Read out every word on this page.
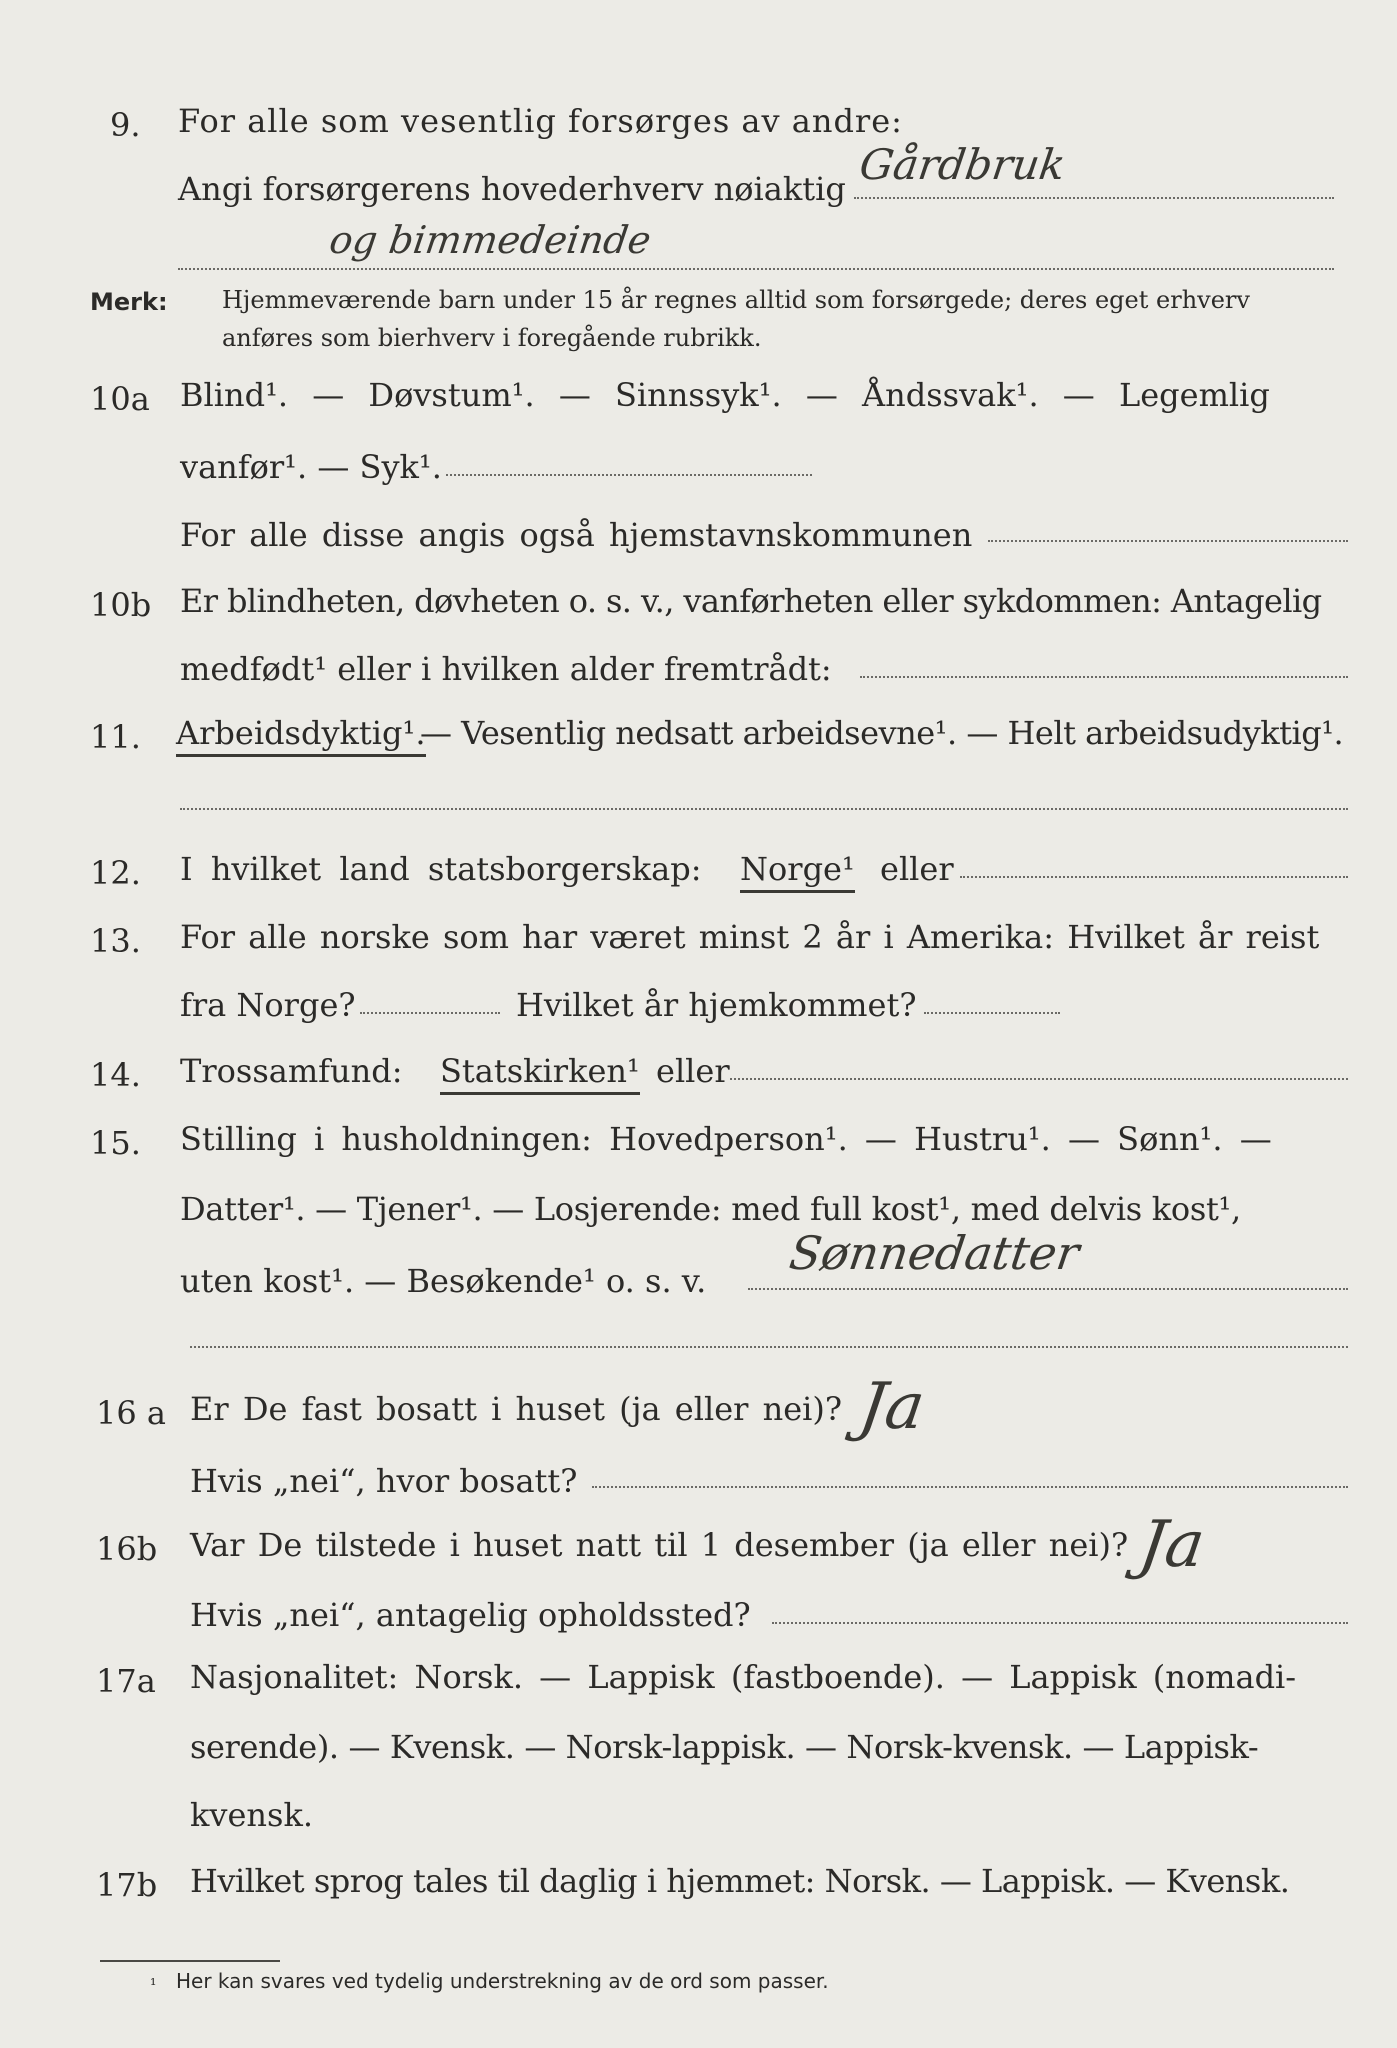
9. For alle som vesentlig forsørges av andre:
Gårdbruk
Angi forsørgerens hovederhverv nøiaktig
og bimmedeinde
Merk: Hjemmeværende barn under 15 år regnes alltid som forsørgede; deres eget erhverv
anføres som bierhverv i foregående rubrikk.
10a Blind¹. — Døvstum¹. — Sinnssyk¹. — Åndssvak¹. — Legemlig
vanfør¹. — Syk¹.
For alle disse angis også hjemstavnskommunen
10b Er blindheten, døvheten o. s. v., vanførheten eller sykdommen: Antagelig
medfødt¹ eller i hvilken alder fremtrådt:
11. Arbeidsdyktig¹.
— Vesentlig nedsatt arbeidsevne¹. — Helt arbeidsudyktig¹.
12. I hvilket land statsborgerskap: Norge¹ eller
13. For alle norske som har været minst 2 år i Amerika: Hvilket år reist
fra Norge?	Hvilket år hjemkommet?
14. Trossamfund: Statskirken¹ eller
15. Stilling i husholdningen: Hovedperson¹. — Hustru¹. — Sønn¹. —
Datter¹. — Tjener¹. — Losjerende: med full kost¹, med delvis kost¹,
uten kost¹. — Besøkende¹ o. s. v.
Sønnedatter
16 a Er De fast bosatt i huset (ja eller nei)? Ja
Hvis „nei“, hvor bosatt?
16b Var De tilstede i huset natt til 1 desember (ja eller nei)? Ja
Hvis „nei“, antagelig opholdssted?
17a Nasjonalitet: Norsk. — Lappisk (fastboende). — Lappisk (nomadi-
serende). — Kvensk. — Norsk-lappisk. — Norsk-kvensk. — Lappisk-
kvensk.
17b Hvilket sprog tales til daglig i hjemmet: Norsk. — Lappisk. — Kvensk.
¹ Her kan svares ved tydelig understrekning av de ord som passer.
